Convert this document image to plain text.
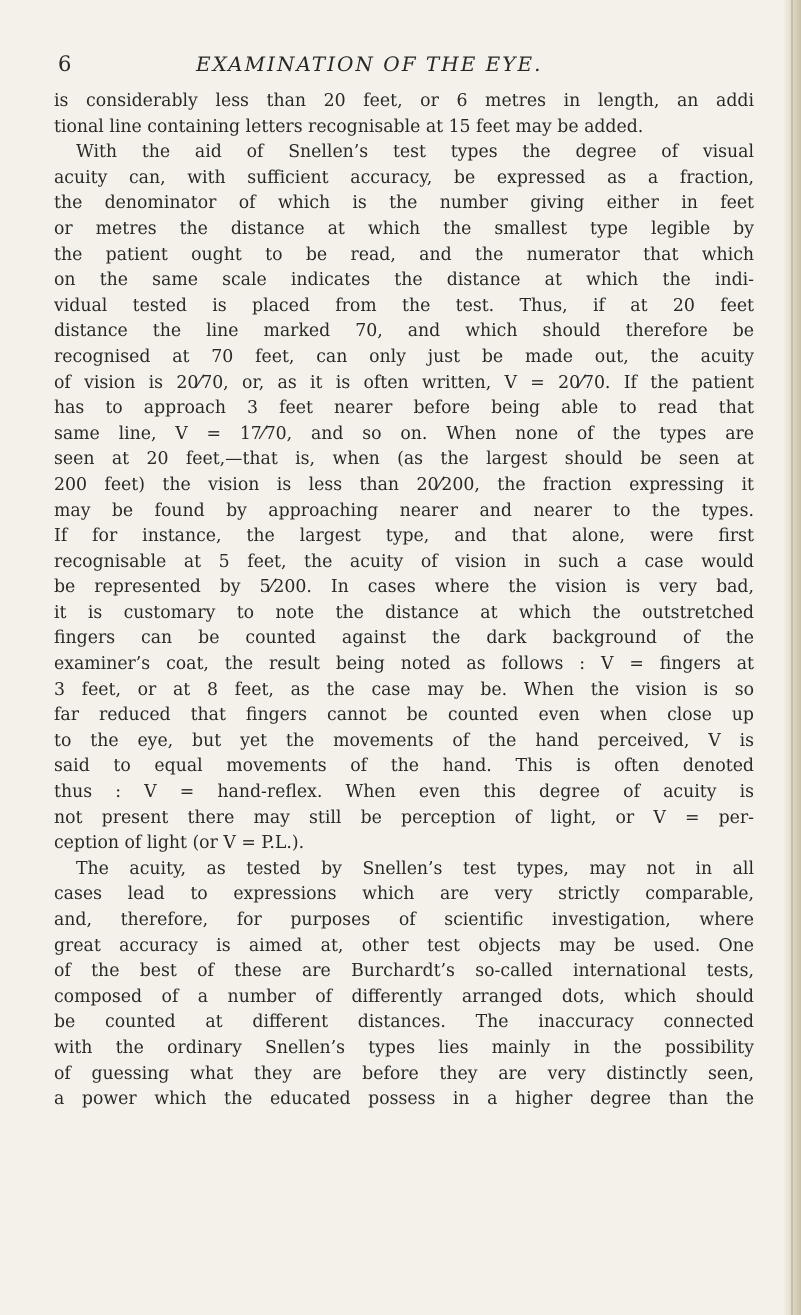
6	EXAMINATION OF THE EYE.
is considerably less than 20 feet, or 6 metres in length, an addi
tional line containing letters recognisable at 15 feet may be added.
With the aid of Snellen’s test types the degree of visual
acuity can, with sufficient accuracy, be expressed as a fraction,
the denominator of which is the number giving either in feet
or metres the distance at which the smallest type legible by
the patient ought to be read, and the numerator that which
on the same scale indicates the distance at which the indi-
vidual tested is placed from the test. Thus, if at 20 feet
distance the line marked 70, and which should therefore be
recognised at 70 feet, can only just be made out, the acuity
of vision is 20⁄70, or, as it is often written, V = 20⁄70. If the patient
has to approach 3 feet nearer before being able to read that
same line, V = 17⁄70, and so on. When none of the types are
seen at 20 feet,—that is, when (as the largest should be seen at
200 feet) the vision is less than 20⁄200, the fraction expressing it
may be found by approaching nearer and nearer to the types.
If for instance, the largest type, and that alone, were first
recognisable at 5 feet, the acuity of vision in such a case would
be represented by 5⁄200. In cases where the vision is very bad,
it is customary to note the distance at which the outstretched
fingers can be counted against the dark background of the
examiner’s coat, the result being noted as follows : V = fingers at
3 feet, or at 8 feet, as the case may be. When the vision is so
far reduced that fingers cannot be counted even when close up
to the eye, but yet the movements of the hand perceived, V is
said to equal movements of the hand. This is often denoted
thus : V = hand-reflex. When even this degree of acuity is
not present there may still be perception of light, or V = per-
ception of light (or V = P.L.).
The acuity, as tested by Snellen’s test types, may not in all
cases lead to expressions which are very strictly comparable,
and, therefore, for purposes of scientific investigation, where
great accuracy is aimed at, other test objects may be used. One
of the best of these are Burchardt’s so-called international tests,
composed of a number of differently arranged dots, which should
be counted at different distances. The inaccuracy connected
with the ordinary Snellen’s types lies mainly in the possibility
of guessing what they are before they are very distinctly seen,
a power which the educated possess in a higher degree than the
